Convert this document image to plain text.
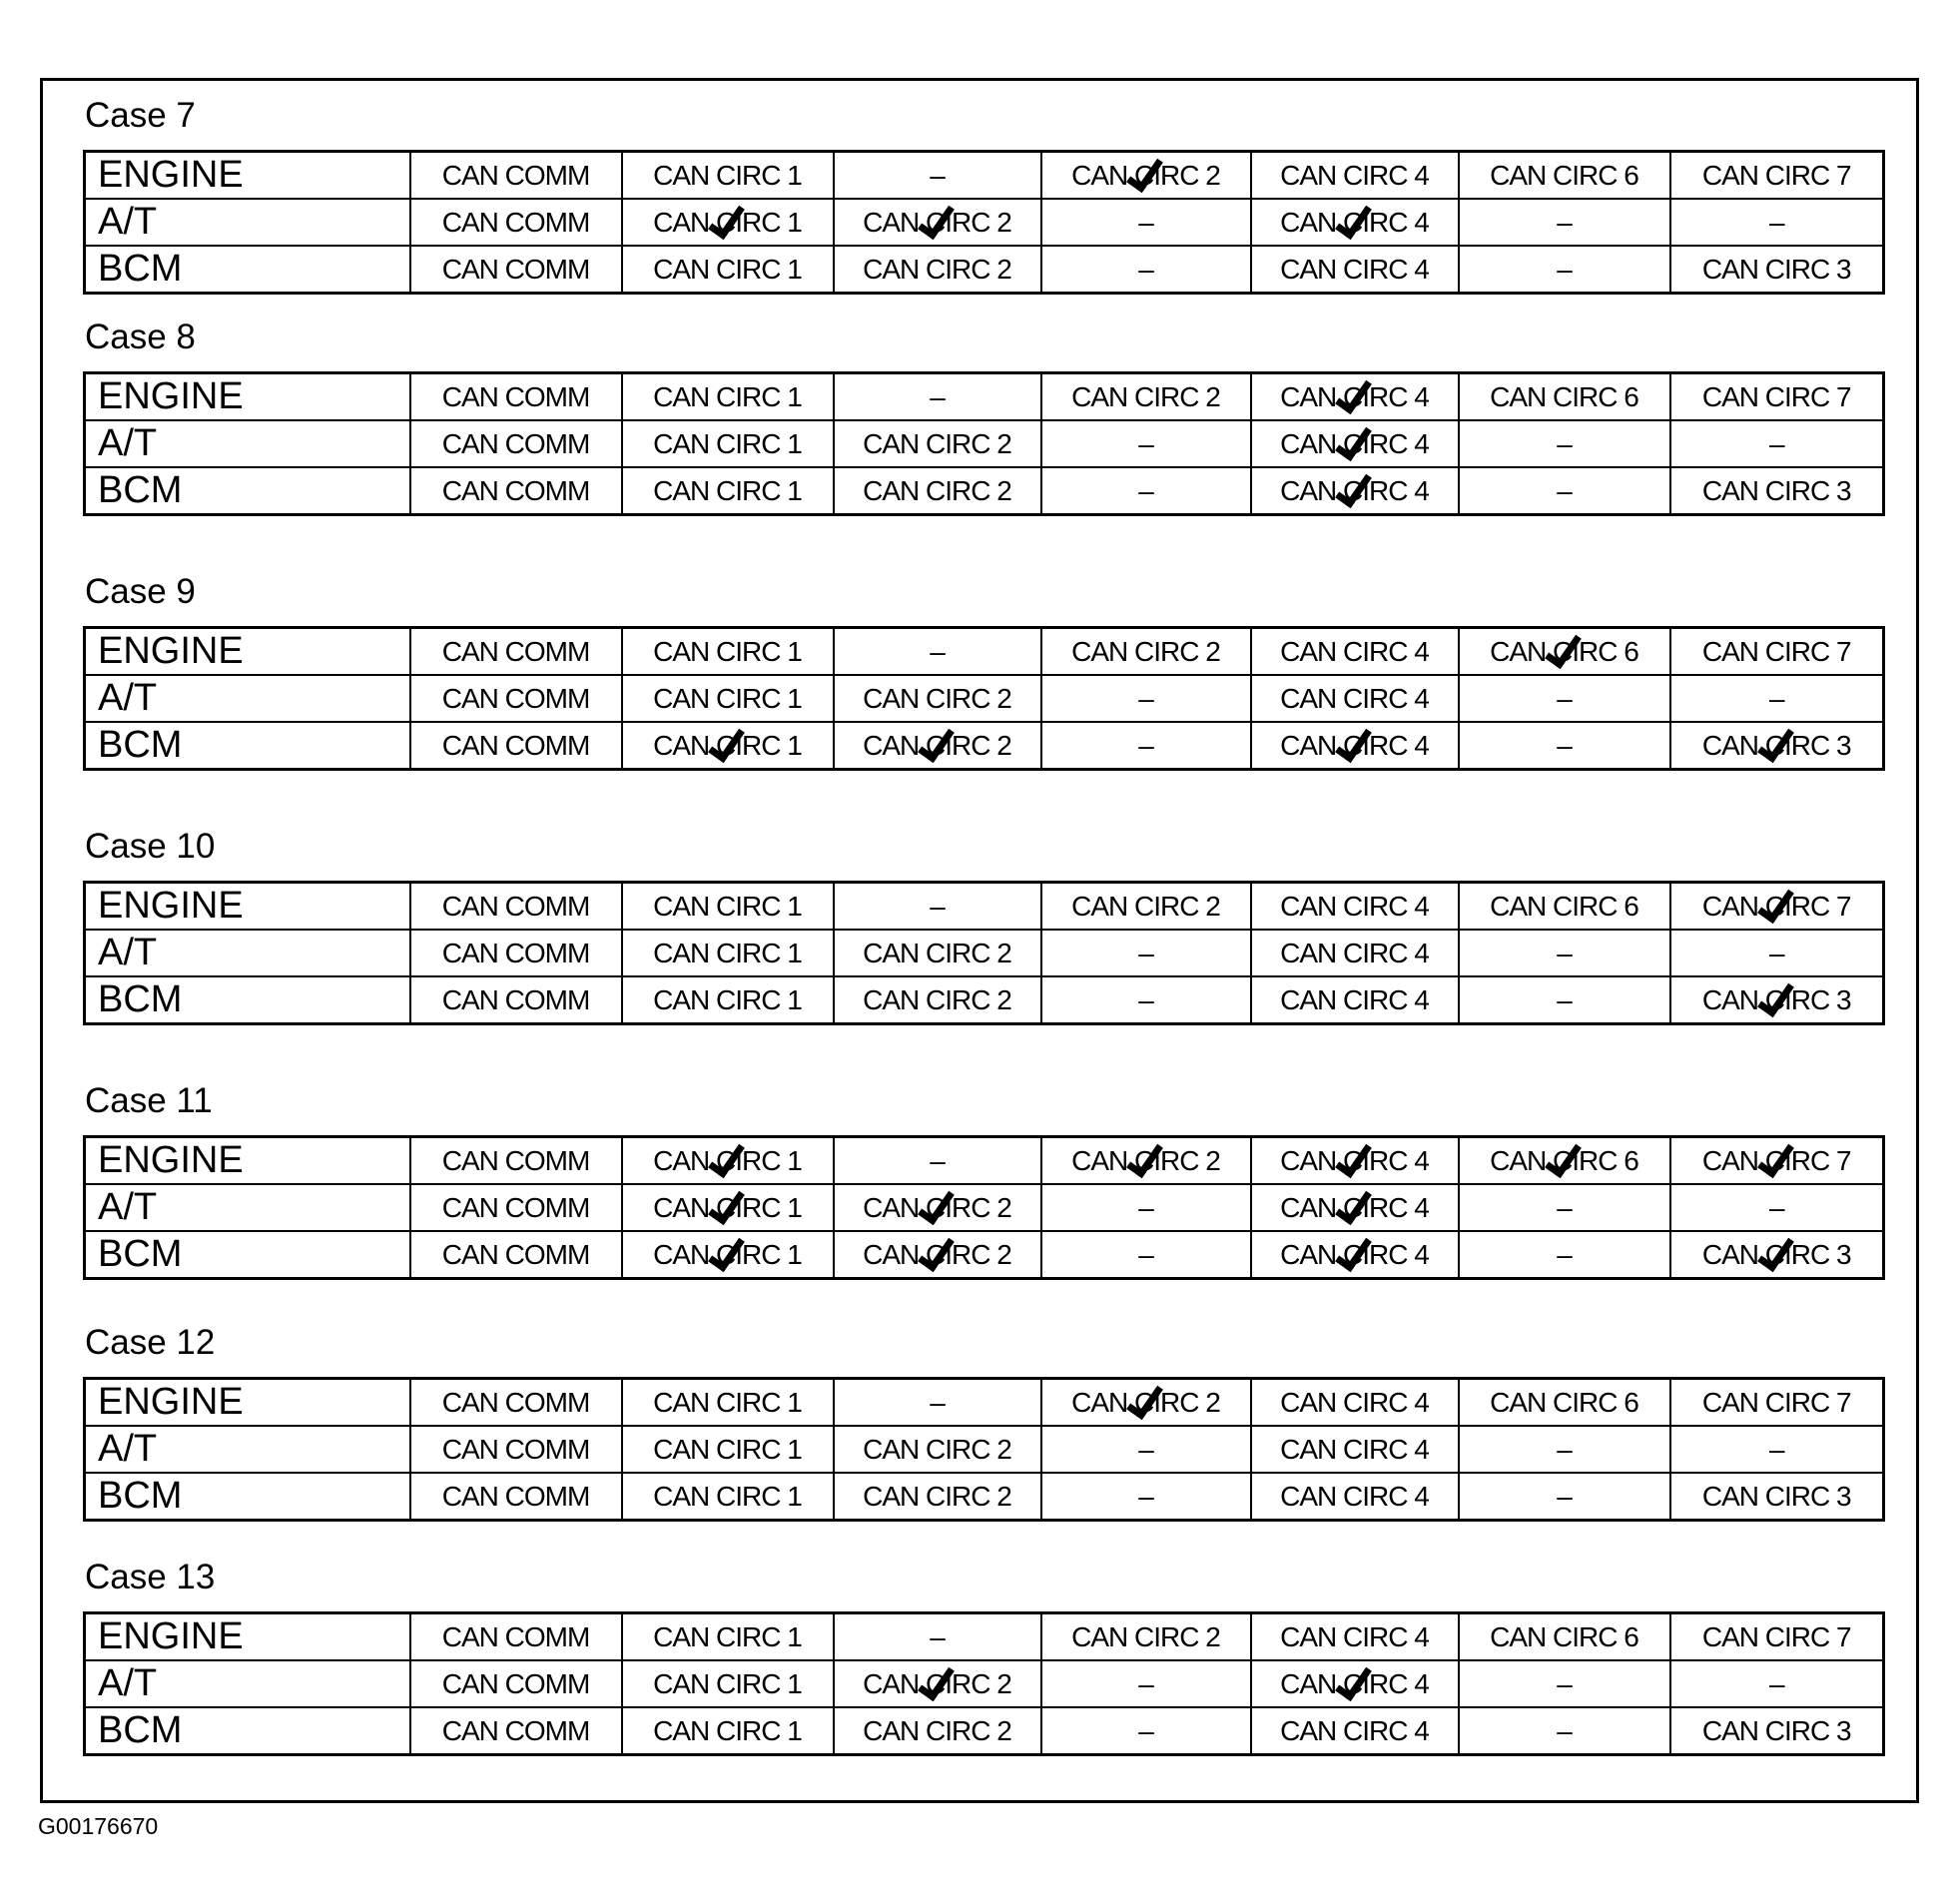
Case 7
ENGINE	CAN COMM	CAN CIRC 1	–	CAN CIRC 2	CAN CIRC 4	CAN CIRC 6	CAN CIRC 7
A/T	CAN COMM	CAN CIRC 1	CAN CIRC 2	–	CAN CIRC 4	–	–
BCM	CAN COMM	CAN CIRC 1	CAN CIRC 2	–	CAN CIRC 4	–	CAN CIRC 3
Case 8
ENGINE	CAN COMM	CAN CIRC 1	–	CAN CIRC 2	CAN CIRC 4	CAN CIRC 6	CAN CIRC 7
A/T	CAN COMM	CAN CIRC 1	CAN CIRC 2	–	CAN CIRC 4	–	–
BCM	CAN COMM	CAN CIRC 1	CAN CIRC 2	–	CAN CIRC 4	–	CAN CIRC 3
Case 9
ENGINE	CAN COMM	CAN CIRC 1	–	CAN CIRC 2	CAN CIRC 4	CAN CIRC 6	CAN CIRC 7
A/T	CAN COMM	CAN CIRC 1	CAN CIRC 2	–	CAN CIRC 4	–	–
BCM	CAN COMM	CAN CIRC 1	CAN CIRC 2	–	CAN CIRC 4	–	CAN CIRC 3
Case 10
ENGINE	CAN COMM	CAN CIRC 1	–	CAN CIRC 2	CAN CIRC 4	CAN CIRC 6	CAN CIRC 7
A/T	CAN COMM	CAN CIRC 1	CAN CIRC 2	–	CAN CIRC 4	–	–
BCM	CAN COMM	CAN CIRC 1	CAN CIRC 2	–	CAN CIRC 4	–	CAN CIRC 3
Case 11
ENGINE	CAN COMM	CAN CIRC 1	–	CAN CIRC 2	CAN CIRC 4	CAN CIRC 6	CAN CIRC 7
A/T	CAN COMM	CAN CIRC 1	CAN CIRC 2	–	CAN CIRC 4	–	–
BCM	CAN COMM	CAN CIRC 1	CAN CIRC 2	–	CAN CIRC 4	–	CAN CIRC 3
Case 12
ENGINE	CAN COMM	CAN CIRC 1	–	CAN CIRC 2	CAN CIRC 4	CAN CIRC 6	CAN CIRC 7
A/T	CAN COMM	CAN CIRC 1	CAN CIRC 2	–	CAN CIRC 4	–	–
BCM	CAN COMM	CAN CIRC 1	CAN CIRC 2	–	CAN CIRC 4	–	CAN CIRC 3
Case 13
ENGINE	CAN COMM	CAN CIRC 1	–	CAN CIRC 2	CAN CIRC 4	CAN CIRC 6	CAN CIRC 7
A/T	CAN COMM	CAN CIRC 1	CAN CIRC 2	–	CAN CIRC 4	–	–
BCM	CAN COMM	CAN CIRC 1	CAN CIRC 2	–	CAN CIRC 4	–	CAN CIRC 3
G00176670
